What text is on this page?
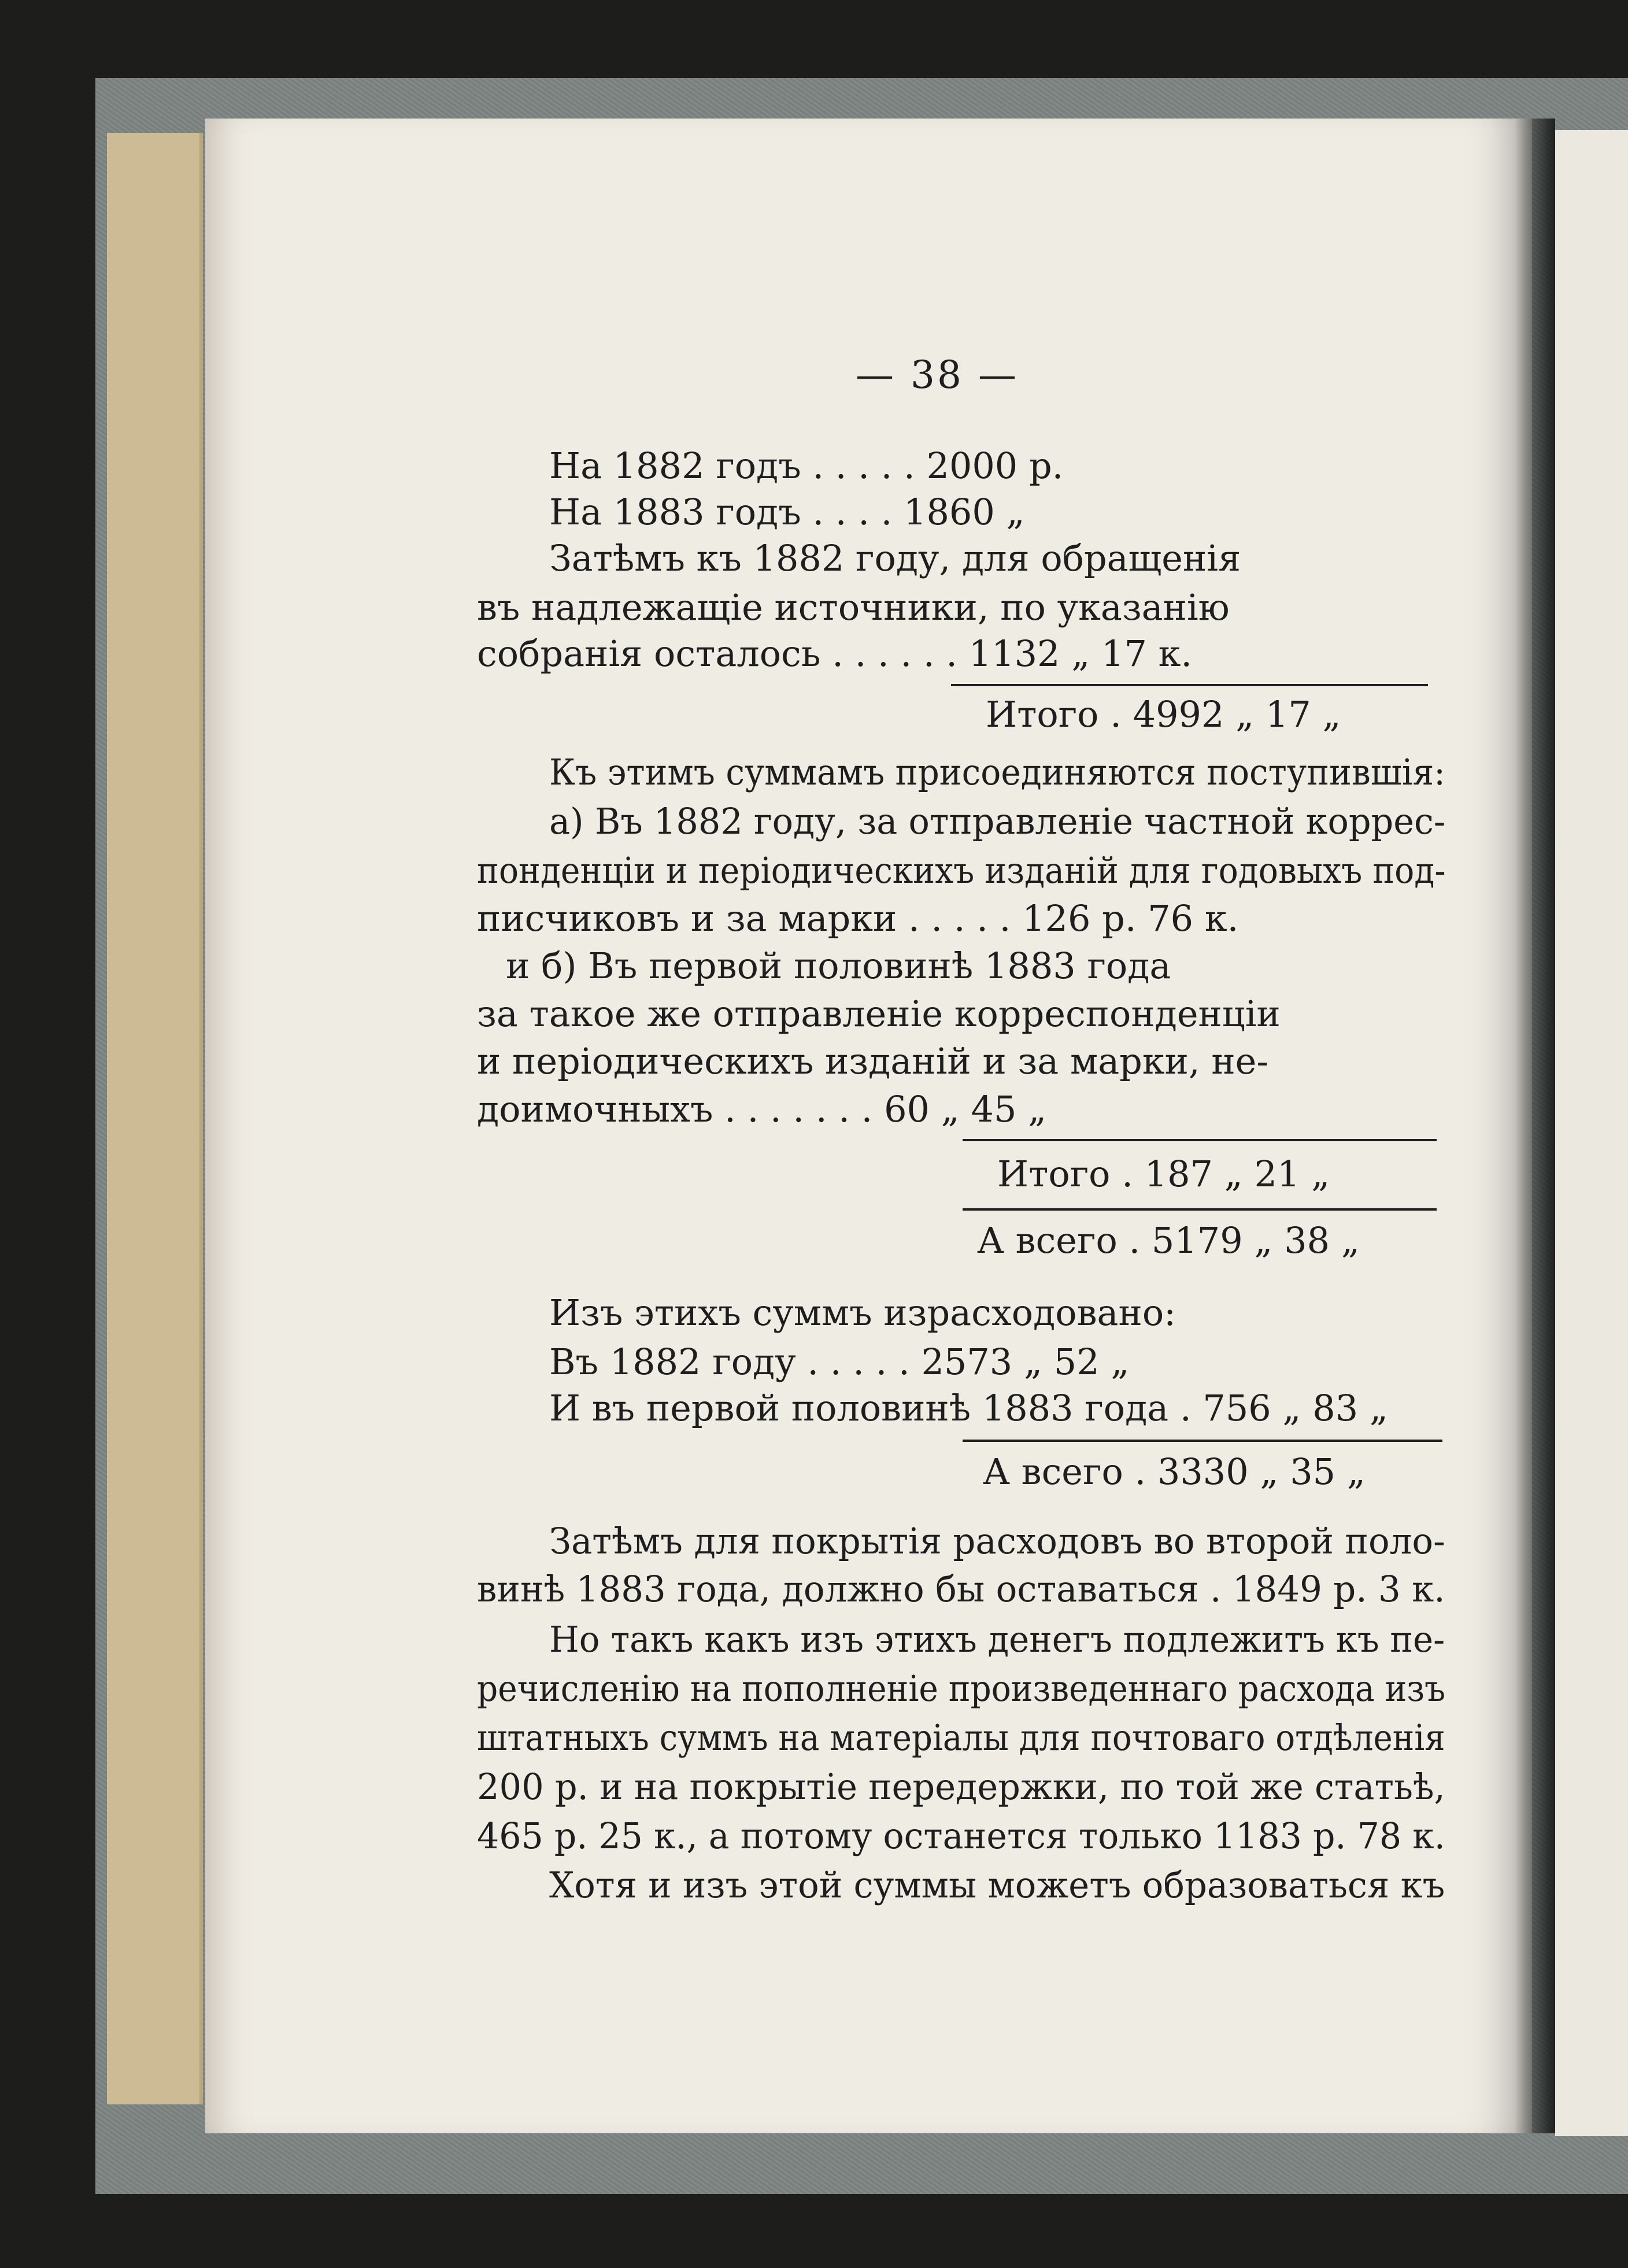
— 38 —
На 1882 годъ . . . . . 2000 р.
На 1883 годъ . . . . 1860 „
Затѣмъ къ 1882 году, для обращенія
въ надлежащіе источники, по указанію
собранія осталось . . . . . . 1132 „ 17 к.
Итого . 4992 „ 17 „
Къ этимъ суммамъ присоединяются поступившія:
а) Въ 1882 году, за отправленіе частной коррес-
понденціи и періодическихъ изданій для годовыхъ под-
писчиковъ и за марки . . . . . 126 р. 76 к.
и б) Въ первой половинѣ 1883 года
за такое же отправленіе корреспонденціи
и періодическихъ изданій и за марки, не-
доимочныхъ . . . . . . . 60 „ 45 „
Итого . 187 „ 21 „
А всего . 5179 „ 38 „
Изъ этихъ суммъ израсходовано:
Въ 1882 году . . . . . 2573 „ 52 „
И въ первой половинѣ 1883 года . 756 „ 83 „
А всего . 3330 „ 35 „
Затѣмъ для покрытія расходовъ во второй поло-
винѣ 1883 года, должно бы оставаться . 1849 р. 3 к.
Но такъ какъ изъ этихъ денегъ подлежитъ къ пе-
речисленію на пополненіе произведеннаго расхода изъ
штатныхъ суммъ на матеріалы для почтоваго отдѣленія
200 р. и на покрытіе передержки, по той же статьѣ,
465 р. 25 к., а потому останется только 1183 р. 78 к.
Хотя и изъ этой суммы можетъ образоваться къ
